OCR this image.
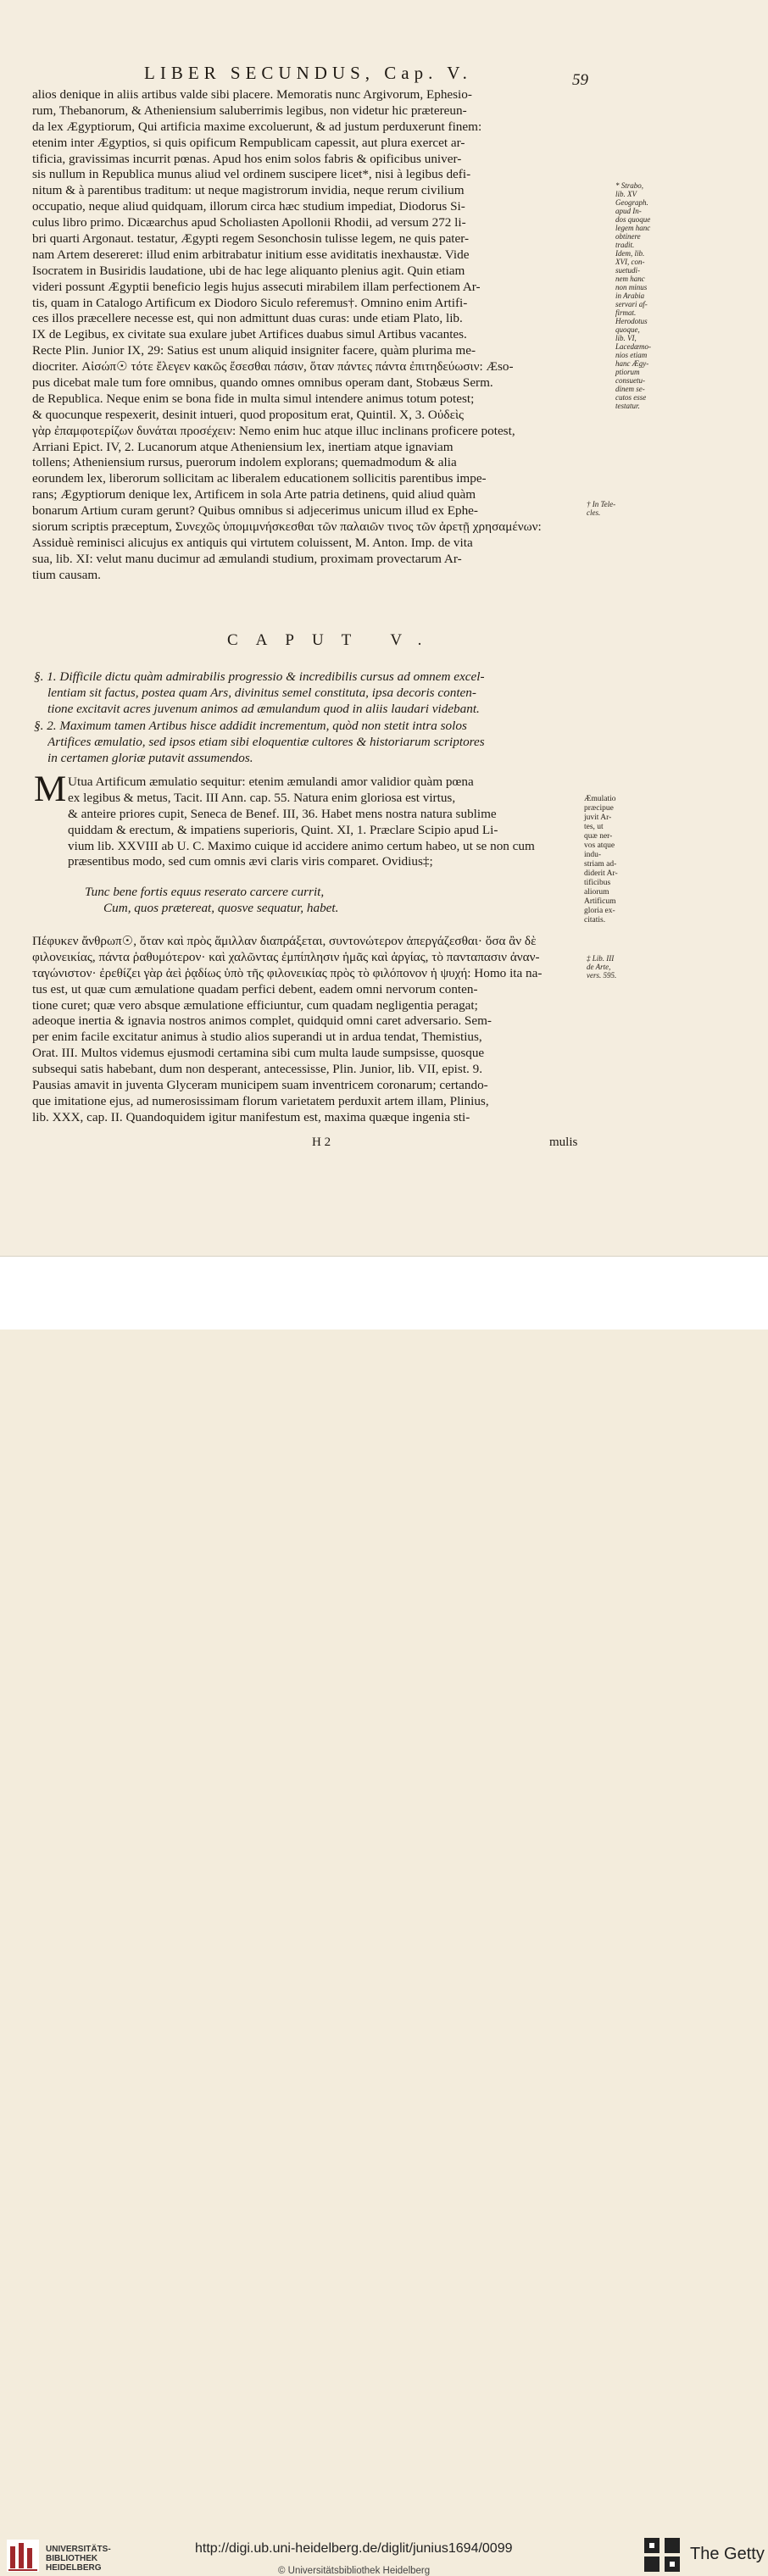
LIBER SECUNDUS, Cap. V.	59
alios denique in aliis artibus valde sibi placere. Memoratis nunc Argivorum, Ephesio-
rum, Thebanorum, & Atheniensium saluberrimis legibus, non videtur hic prætereun-
da lex Ægyptiorum, Qui artificia maxime excoluerunt, & ad justum perduxerunt finem:
etenim inter Ægyptios, si quis opificum Rempublicam capessit, aut plura exercet ar-
tificia, gravissimas incurrit pœnas. Apud hos enim solos fabris & opificibus univer-
sis nullum in Republica munus aliud vel ordinem suscipere licet*, nisi à legibus defi-
nitum & à parentibus traditum: ut neque magistrorum invidia, neque rerum civilium
occupatio, neque aliud quidquam, illorum circa hæc studium impediat, Diodorus Si-
culus libro primo. Dicæarchus apud Scholiasten Apollonii Rhodii, ad versum 272 li-
bri quarti Argonaut. testatur, Ægypti regem Sesonchosin tulisse legem, ne quis pater-
nam Artem desereret: illud enim arbitrabatur initium esse aviditatis inexhaustæ. Vide
Isocratem in Busiridis laudatione, ubi de hac lege aliquanto plenius agit. Quin etiam
videri possunt Ægyptii beneficio legis hujus assecuti mirabilem illam perfectionem Ar-
tis, quam in Catalogo Artificum ex Diodoro Siculo referemus†. Omnino enim Artifi-
ces illos præcellere necesse est, qui non admittunt duas curas: unde etiam Plato, lib.
IX de Legibus, ex civitate sua exulare jubet Artifices duabus simul Artibus vacantes.
Recte Plin. Junior IX, 29: Satius est unum aliquid insigniter facere, quàm plurima me-
diocriter. Αἰσώπ☉ τότε ἔλεγεν κακῶς ἔσεσθαι πάσιν, ὅταν πάντες πάντα ἐπιτηδεύωσιν: Æso-
pus dicebat male tum fore omnibus, quando omnes omnibus operam dant, Stobæus Serm.
de Republica. Neque enim se bona fide in multa simul intendere animus totum potest;
& quocunque respexerit, desinit intueri, quod propositum erat, Quintil. X, 3. Οὐδεὶς
γὰρ ἐπαμφοτερίζων δυνάται προσέχειν: Nemo enim huc atque illuc inclinans proficere potest,
Arriani Epict. IV, 2. Lucanorum atque Atheniensium lex, inertiam atque ignaviam
tollens; Atheniensium rursus, puerorum indolem explorans; quemadmodum & alia
eorundem lex, liberorum sollicitam ac liberalem educationem sollicitis parentibus impe-
rans; Ægyptiorum denique lex, Artificem in sola Arte patria detinens, quid aliud quàm
bonarum Artium curam gerunt? Quibus omnibus si adjecerimus unicum illud ex Ephe-
siorum scriptis præceptum, Συνεχῶς ὑπομιμνήσκεσθαι τῶν παλαιῶν τινος τῶν ἀρετῇ χρησαμένων:
Assiduè reminisci alicujus ex antiquis qui virtutem coluissent, M. Anton. Imp. de vita
sua, lib. XI: velut manu ducimur ad æmulandi studium, proximam provectarum Ar-
tium causam.
CAPUT V.
§. 1. Difficile dictu quàm admirabilis progressio & incredibilis cursus ad omnem excel-
lentiam sit factus, postea quam Ars, divinitus semel constituta, ipsa decoris conten-
tione excitavit acres juvenum animos ad æmulandum quod in aliis laudari videbant.
§. 2. Maximum tamen Artibus hisce addidit incrementum, quòd non stetit intra solos
Artifices æmulatio, sed ipsos etiam sibi eloquentiæ cultores & historiarum scriptores
in certamen gloriæ putavit assumendos.
M Utua Artificum æmulatio sequitur: etenim æmulandi amor validior quàm pœna
ex legibus & metus, Tacit. III Ann. cap. 55. Natura enim gloriosa est virtus,
& anteire priores cupit, Seneca de Benef. III, 36. Habet mens nostra natura sublime
quiddam & erectum, & impatiens superioris, Quint. XI, 1. Præclare Scipio apud Li-
vium lib. XXVIII ab U. C. Maximo cuique id accidere animo certum habeo, ut se non cum
præsentibus modo, sed cum omnis ævi claris viris comparet. Ovidius‡;
Tunc bene fortis equus reserato carcere currit,
Cum, quos prætereat, quosve sequatur, habet.
Πέφυκεν ἄνθρωπ☉, ὅταν καὶ πρὸς ἅμιλλαν διαπράξεται, συντονώτερον ἀπεργάζεσθαι· ὅσα ἂν δὲ
φιλονεικίας, πάντα ῥαθυμότερον· καὶ χαλῶντας ἐμπίπλησιν ἡμᾶς καὶ ἀργίας, τὸ πανταπασιν ἀναν-
ταγώνιστον· ἐρεθίζει γὰρ ἀεὶ ῥᾳδίως ὑπὸ τῆς φιλονεικίας πρὸς τὸ φιλόπονον ἡ ψυχή: Homo ita na-
tus est, ut quæ cum æmulatione quadam perfici debent, eadem omni nervorum conten-
tione curet; quæ vero absque æmulatione efficiuntur, cum quadam negligentia peragat;
adeoque inertia & ignavia nostros animos complet, quidquid omni caret adversario. Sem-
per enim facile excitatur animus à studio alios superandi ut in ardua tendat, Themistius,
Orat. III. Multos videmus ejusmodi certamina sibi cum multa laude sumpsisse, quosque
subsequi satis habebant, dum non desperant, antecessisse, Plin. Junior, lib. VII, epist. 9.
Pausias amavit in juventa Glyceram municipem suam inventricem coronarum; certando-
que imitatione ejus, ad numerosissimam florum varietatem perduxit artem illam, Plinius,
lib. XXX, cap. II. Quandoquidem igitur manifestum est, maxima quæque ingenia sti-
* Strabo,
lib. XV
Geograph.
apud In-
dos quoque
legem hanc
obtinere
tradit.
Idem, lib.
XVI, con-
suetudi-
nem hanc
non minus
in Arabia
servari af-
firmat.
Herodotus
quoque,
lib. VI,
Lacedæmo-
nios etiam
hanc Ægy-
ptiorum
consuetu-
dinem se-
cutos esse
testatur.
† In Tele-
cles.
Æmulatio
præcipue
juvit Ar-
tes, ut
quæ ner-
vos atque
indu-
striam ad-
diderit Ar-
tificibus
aliorum
Artificum
gloria ex-
citatis.
‡ Lib. III
de Arte,
vers. 595.
H 2	mulis
UNIVERSITÄTS-
BIBLIOTHEK
HEIDELBERG
http://digi.ub.uni-heidelberg.de/diglit/junius1694/0099
© Universitätsbibliothek Heidelberg
The Getty
